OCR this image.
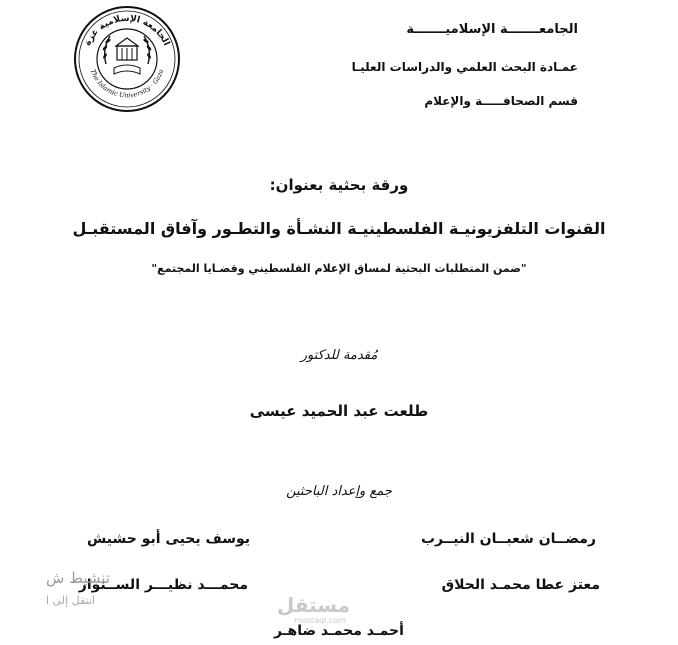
الجامعـــــــة الإسلاميـــــــة
عمـادة البحث العلمي والدراسات العليـا
قسم الصحافـــــة والإعلام
الجامعة الإسلامية غزة
The Islamic University · Gaza
ورقة بحثية بعنوان:
القنوات التلفزيونيـة الفلسطينيـة النشـأة والتطـور وآفاق المستقبـل
"ضمن المتطلبات البحثية لمساق الإعلام الفلسطيني وقضـايا المجتمع"
مُقدمة للدكتور
طلعت عبد الحميد عيسى
جمع وإعداد الباحثين
رمضــان شعبــان النيــرب
يوسف يحيى أبو حشيش
معتز عطا محمـد الحلاق
محمـــد نظيـــر الســنوار
أحمـد محمـد ضاهـر
تنشيط ش
انتقل إلى ا	مستقل
mostaql.com
